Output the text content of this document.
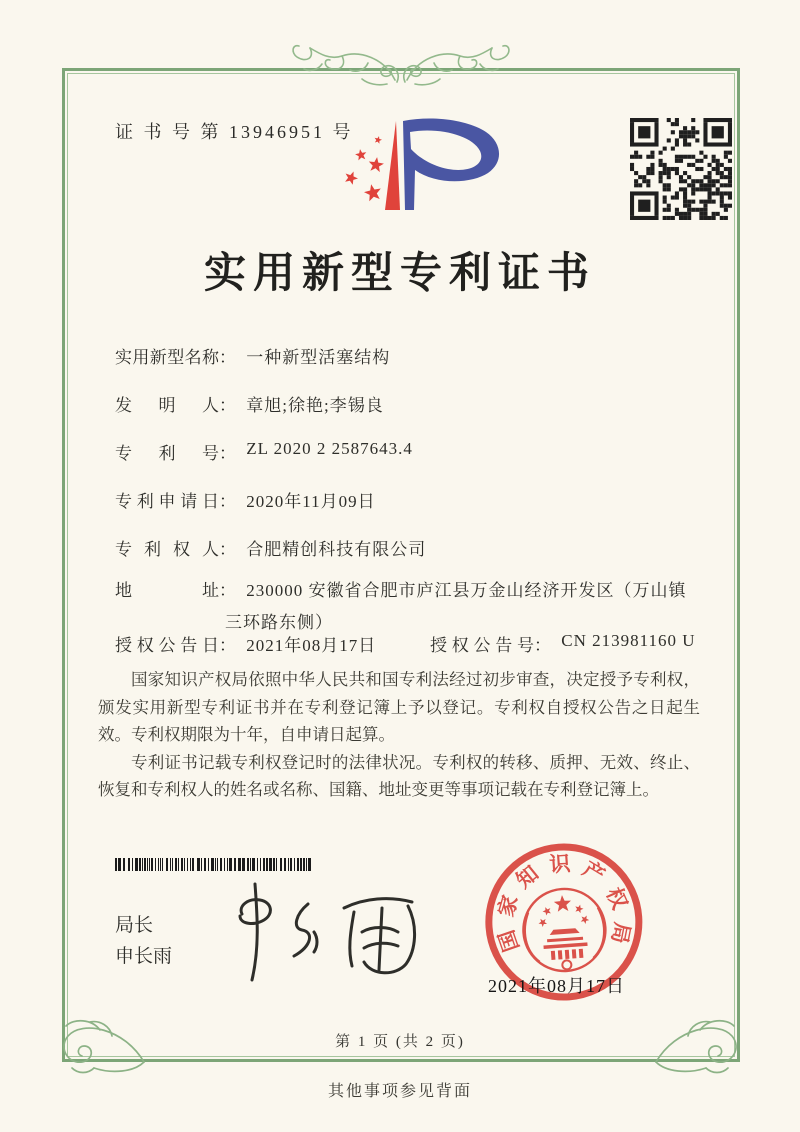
证 书 号 第 13946951 号
实用新型专利证书
实用新型名称： 一种新型活塞结构
发明人： 章旭;徐艳;李锡良
专利号： ZL 2020 2 2587643.4
专利申请日： 2020年11月09日
专利权人： 合肥精创科技有限公司
地址： 230000 安徽省合肥市庐江县万金山经济开发区（万山镇
三环路东侧）
授权公告日： 2021年08月17日	授权公告号： CN 213981160 U

国家知识产权局依照中华人民共和国专利法经过初步审查，决定授予专利权，颁发实用新型专利证书并在专利登记簿上予以登记。专利权自授权公告之日起生效。专利权期限为十年，自申请日起算。

专利证书记载专利权登记时的法律状况。专利权的转移、质押、无效、终止、恢复和专利权人的姓名或名称、国籍、地址变更等事项记载在专利登记簿上。

局长
申长雨
国
家
知 识 产
权
局
2021年08月17日
第 1 页 (共 2 页)
其他事项参见背面
